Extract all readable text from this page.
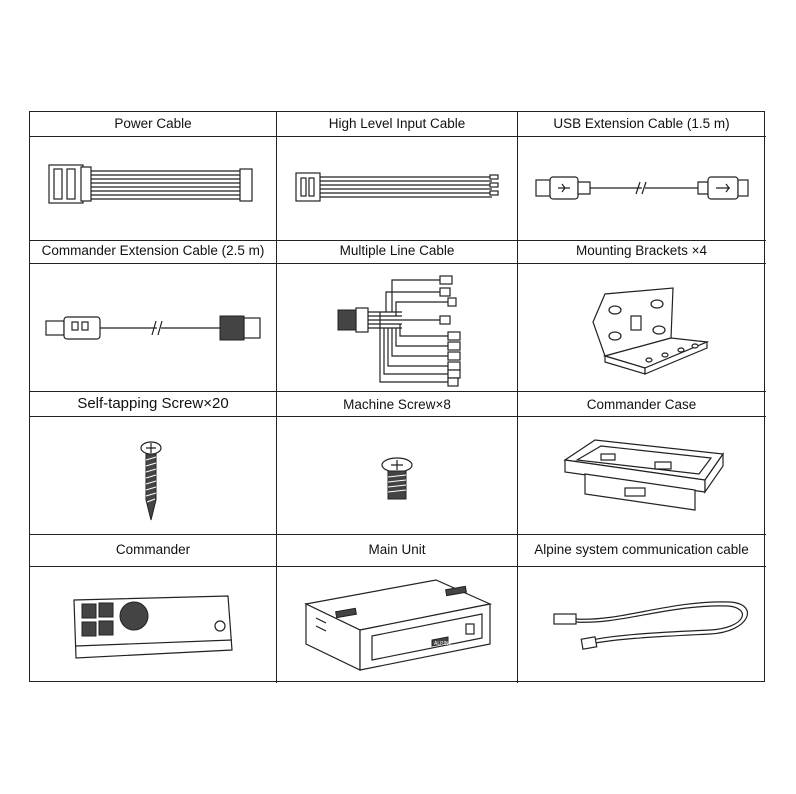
Power Cable	High Level Input Cable	USB Extension Cable (1.5 m)
Commander Extension Cable (2.5 m)	Multiple Line Cable	Mounting Brackets ×4
Self-tapping Screw×20	Machine Screw×8	Commander Case
Commander	Main Unit	Alpine system communication cable
ALPINE
